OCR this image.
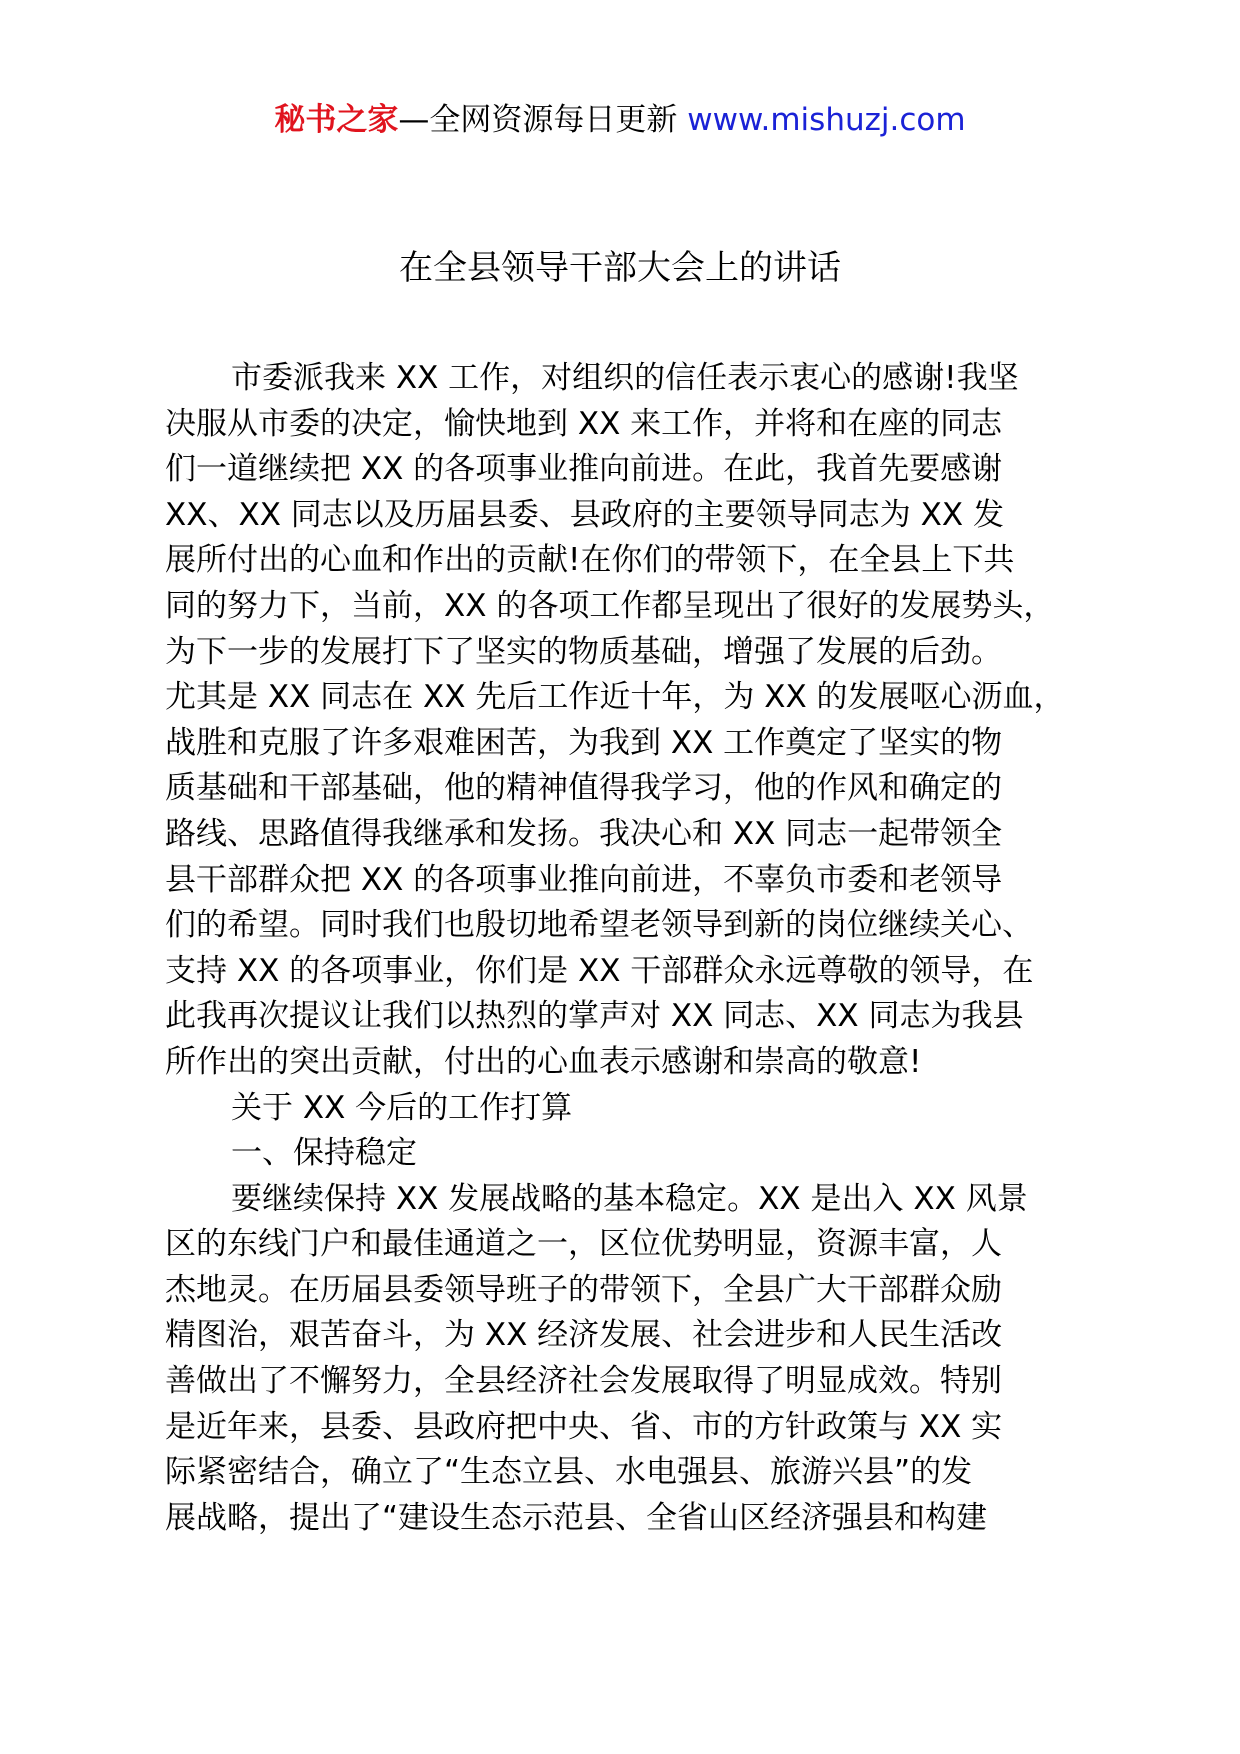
秘书之家—全网资源每日更新 www.mishuzj.com
在全县领导干部大会上的讲话
市委派我来 XX 工作，对组织的信任表示衷心的感谢!我坚
决服从市委的决定，愉快地到 XX 来工作，并将和在座的同志
们一道继续把 XX 的各项事业推向前进。在此，我首先要感谢
XX、XX 同志以及历届县委、县政府的主要领导同志为 XX 发
展所付出的心血和作出的贡献!在你们的带领下，在全县上下共
同的努力下，当前，XX 的各项工作都呈现出了很好的发展势头，
为下一步的发展打下了坚实的物质基础，增强了发展的后劲。
尤其是 XX 同志在 XX 先后工作近十年，为 XX 的发展呕心沥血，
战胜和克服了许多艰难困苦，为我到 XX 工作奠定了坚实的物
质基础和干部基础，他的精神值得我学习，他的作风和确定的
路线、思路值得我继承和发扬。我决心和 XX 同志一起带领全
县干部群众把 XX 的各项事业推向前进，不辜负市委和老领导
们的希望。同时我们也殷切地希望老领导到新的岗位继续关心、
支持 XX 的各项事业，你们是 XX 干部群众永远尊敬的领导，在
此我再次提议让我们以热烈的掌声对 XX 同志、XX 同志为我县
所作出的突出贡献，付出的心血表示感谢和崇高的敬意!
关于 XX 今后的工作打算
一、保持稳定
要继续保持 XX 发展战略的基本稳定。XX 是出入 XX 风景
区的东线门户和最佳通道之一，区位优势明显，资源丰富，人
杰地灵。在历届县委领导班子的带领下，全县广大干部群众励
精图治，艰苦奋斗，为 XX 经济发展、社会进步和人民生活改
善做出了不懈努力，全县经济社会发展取得了明显成效。特别
是近年来，县委、县政府把中央、省、市的方针政策与 XX 实
际紧密结合，确立了“生态立县、水电强县、旅游兴县”的发
展战略，提出了“建设生态示范县、全省山区经济强县和构建
